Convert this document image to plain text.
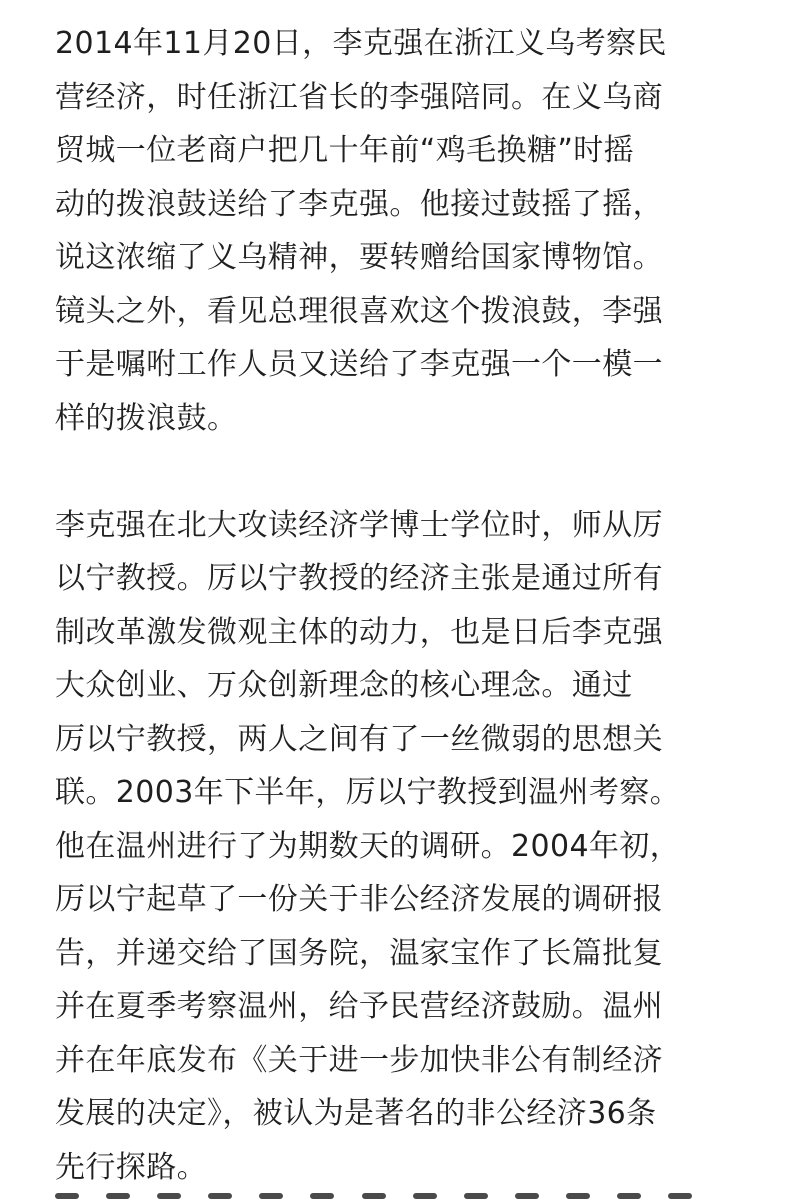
2014年11月20日，李克强在浙江义乌考察民
营经济，时任浙江省长的李强陪同。在义乌商
贸城一位老商户把几十年前“鸡毛换糖”时摇
动的拨浪鼓送给了李克强。他接过鼓摇了摇，
说这浓缩了义乌精神，要转赠给国家博物馆。
镜头之外，看见总理很喜欢这个拨浪鼓，李强
于是嘱咐工作人员又送给了李克强一个一模一
样的拨浪鼓。
李克强在北大攻读经济学博士学位时，师从厉
以宁教授。厉以宁教授的经济主张是通过所有
制改革激发微观主体的动力，也是日后李克强
大众创业、万众创新理念的核心理念。通过
厉以宁教授，两人之间有了一丝微弱的思想关
联。2003年下半年，厉以宁教授到温州考察。
他在温州进行了为期数天的调研。2004年初，
厉以宁起草了一份关于非公经济发展的调研报
告，并递交给了国务院，温家宝作了长篇批复
并在夏季考察温州，给予民营经济鼓励。温州
并在年底发布《关于进一步加快非公有制经济
发展的决定》，被认为是著名的非公经济36条
先行探路。
